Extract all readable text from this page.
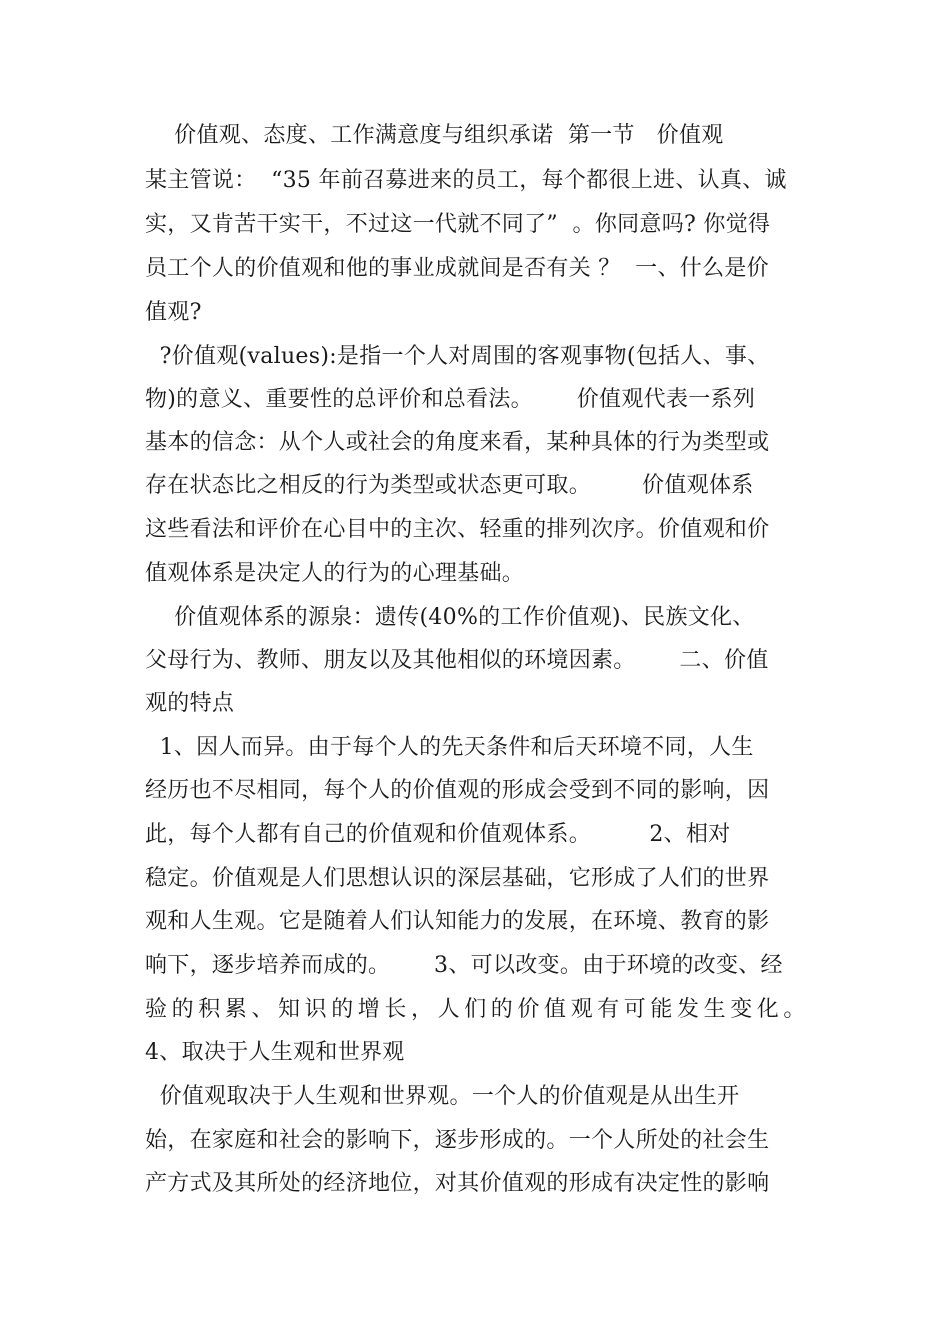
价值观、态度、工作满意度与组织承诺  第一节   价值观
某主管说：  “35 年前召募进来的员工，每个都很上进、认真、诚
实，又肯苦干实干，不过这一代就不同了”  。你同意吗? 你觉得
员工个人的价值观和他的事业成就间是否有关 ？  一、什么是价
值观?
?价值观(values):是指一个人对周围的客观事物(包括人、事、
物)的意义、重要性的总评价和总看法。      价值观代表一系列
基本的信念：从个人或社会的角度来看，某种具体的行为类型或
存在状态比之相反的行为类型或状态更可取。       价值观体系
这些看法和评价在心目中的主次、轻重的排列次序。价值观和价
值观体系是决定人的行为的心理基础。
价值观体系的源泉：遗传(40%的工作价值观)、民族文化、
父母行为、教师、朋友以及其他相似的环境因素。      二、价值
观的特点
1、因人而异。由于每个人的先天条件和后天环境不同，人生
经历也不尽相同，每个人的价值观的形成会受到不同的影响，因
此，每个人都有自己的价值观和价值观体系。        2、相对
稳定。价值观是人们思想认识的深层基础，它形成了人们的世界
观和人生观。它是随着人们认知能力的发展，在环境、教育的影
响下，逐步培养而成的。      3、可以改变。由于环境的改变、经
验的积累、知识的增长，人们的价值观有可能发生变化。
4、取决于人生观和世界观
价值观取决于人生观和世界观。一个人的价值观是从出生开
始，在家庭和社会的影响下，逐步形成的。一个人所处的社会生
产方式及其所处的经济地位，对其价值观的形成有决定性的影响
